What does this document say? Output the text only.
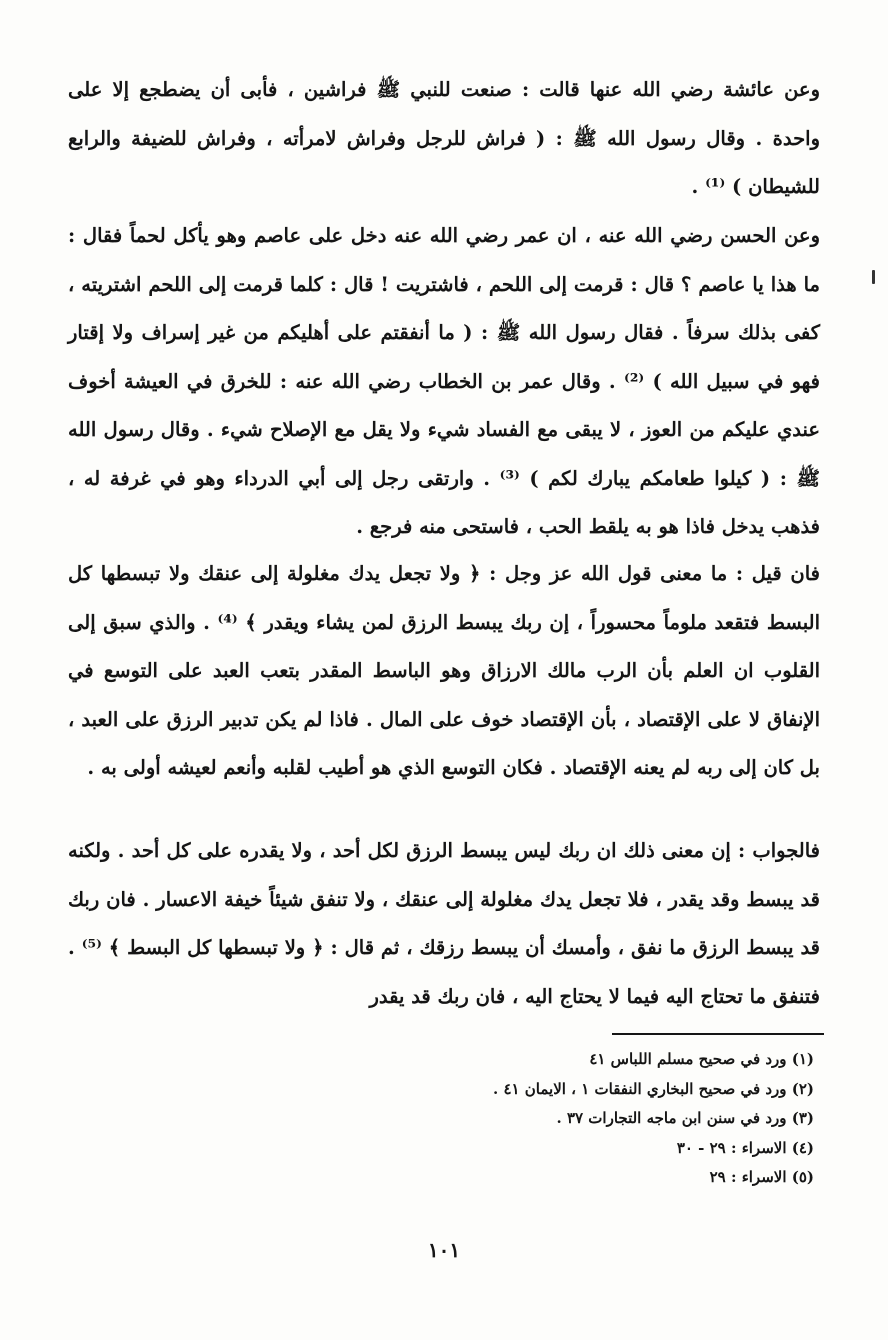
وعن عائشة رضي الله عنها قالت : صنعت للنبي ﷺ فراشين ، فأبى أن يضطجع إلا على واحدة . وقال رسول الله ﷺ : ( فراش للرجل وفراش لامرأته ، وفراش للضيفة والرابع للشيطان ) ⁽¹⁾ .

وعن الحسن رضي الله عنه ، ان عمر رضي الله عنه دخل على عاصم وهو يأكل لحماً فقال : ما هذا يا عاصم ؟ قال : قرمت إلى اللحم ، فاشتريت ! قال : كلما قرمت إلى اللحم اشتريته ، كفى بذلك سرفاً . فقال رسول الله ﷺ : ( ما أنفقتم على أهليكم من غير إسراف ولا إقتار فهو في سبيل الله ) ⁽²⁾ . وقال عمر بن الخطاب رضي الله عنه : للخرق في العيشة أخوف عندي عليكم من العوز ، لا يبقى مع الفساد شيء ولا يقل مع الإصلاح شيء . وقال رسول الله ﷺ : ( كيلوا طعامكم يبارك لكم ) ⁽³⁾ . وارتقى رجل إلى أبي الدرداء وهو في غرفة له ، فذهب يدخل فاذا هو به يلقط الحب ، فاستحى منه فرجع .

فان قيل : ما معنى قول الله عز وجل : ﴿ ولا تجعل يدك مغلولة إلى عنقك ولا تبسطها كل البسط فتقعد ملوماً محسوراً ، إن ربك يبسط الرزق لمن يشاء ويقدر ﴾ ⁽⁴⁾ . والذي سبق إلى القلوب ان العلم بأن الرب مالك الارزاق وهو الباسط المقدر بتعب العبد على التوسع في الإنفاق لا على الإقتصاد ، بأن الإقتصاد خوف على المال . فاذا لم يكن تدبير الرزق على العبد ، بل كان إلى ربه لم يعنه الإقتصاد . فكان التوسع الذي هو أطيب لقلبه وأنعم لعيشه أولى به .

فالجواب : إن معنى ذلك ان ربك ليس يبسط الرزق لكل أحد ، ولا يقدره على كل أحد . ولكنه قد يبسط وقد يقدر ، فلا تجعل يدك مغلولة إلى عنقك ، ولا تنفق شيئاً خيفة الاعسار . فان ربك قد يبسط الرزق ما نفق ، وأمسك أن يبسط رزقك ، ثم قال : ﴿ ولا تبسطها كل البسط ﴾ ⁽⁵⁾ . فتنفق ما تحتاج اليه فيما لا يحتاج اليه ، فان ربك قد يقدر

(١) ورد في صحيح مسلم اللباس ٤١
(٢) ورد في صحيح البخاري النفقات ١ ، الايمان ٤١ .
(٣) ورد في سنن ابن ماجه التجارات ٣٧ .
(٤) الاسراء : ٢٩ - ٣٠
(٥) الاسراء : ٢٩
١٠١
